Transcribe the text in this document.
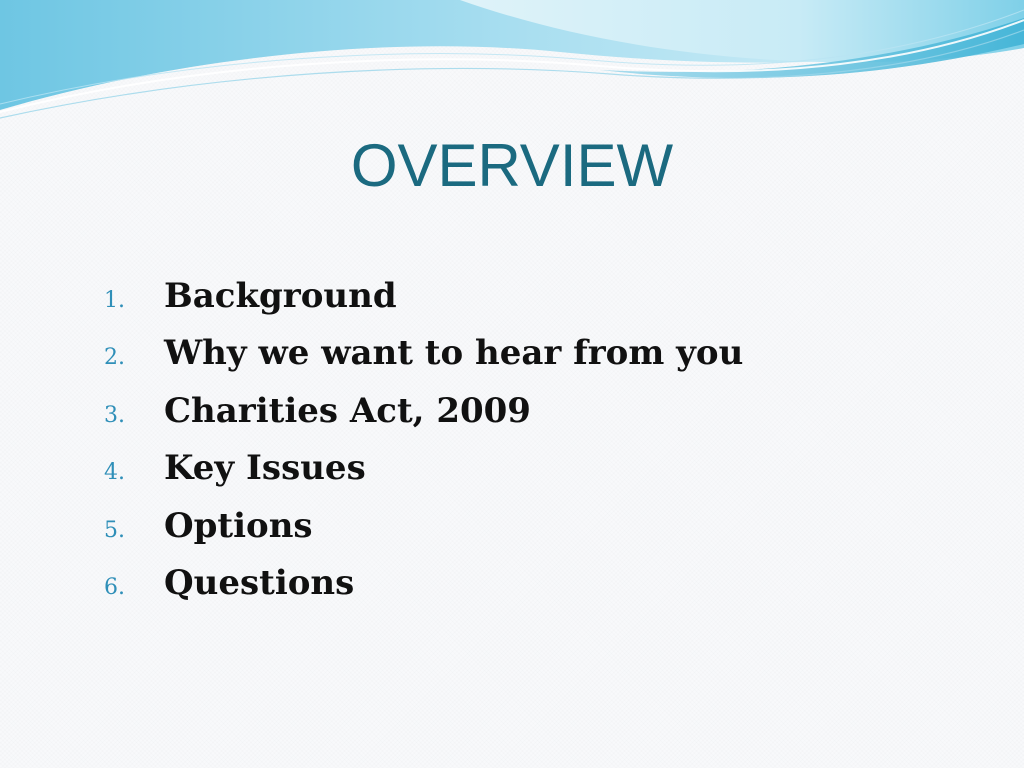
OVERVIEW
1.	Background
2.	Why we want to hear from you
3.	Charities Act, 2009
4.	Key Issues
5.	Options
6.	Questions
